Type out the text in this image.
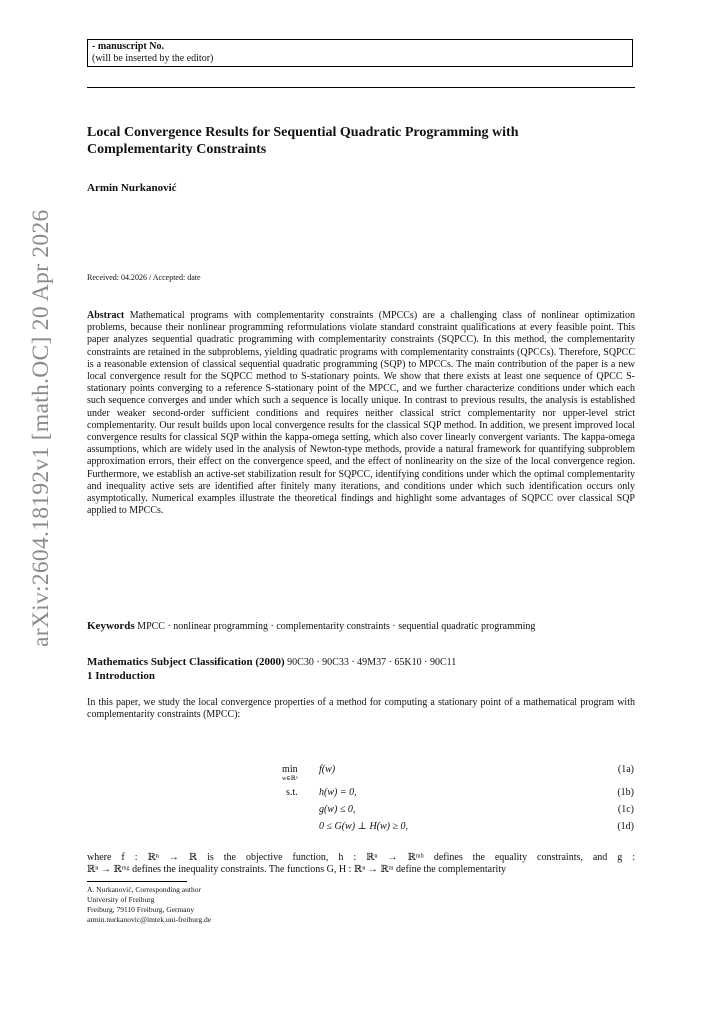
- manuscript No.
(will be inserted by the editor)
arXiv:2604.18192v1 [math.OC] 20 Apr 2026
Local Convergence Results for Sequential Quadratic Programming with
Complementarity Constraints
Armin Nurkanović
Received: 04.2026 / Accepted: date
Abstract Mathematical programs with complementarity constraints (MPCCs) are a challenging class of nonlinear optimization problems, because their nonlinear programming reformulations violate standard constraint qualifications at every feasible point. This paper analyzes sequential quadratic programming with complementarity constraints (SQPCC). In this method, the complementarity constraints are retained in the subproblems, yielding quadratic programs with complementarity constraints (QPCCs). Therefore, SQPCC is a reasonable extension of classical sequential quadratic programming (SQP) to MPCCs. The main contribution of the paper is a new local convergence result for the SQPCC method to S-stationary points. We show that there exists at least one sequence of QPCC S-stationary points converging to a reference S-stationary point of the MPCC, and we further characterize conditions under which each such sequence converges and under which such a sequence is locally unique. In contrast to previous results, the analysis is established under weaker second-order sufficient conditions and requires neither classical strict complementarity nor upper-level strict complementarity. Our result builds upon local convergence results for the classical SQP method. In addition, we present improved local convergence results for classical SQP within the kappa-omega setting, which also cover linearly convergent variants. The kappa-omega assumptions, which are widely used in the analysis of Newton-type methods, provide a natural framework for quantifying subproblem approximation errors, their effect on the convergence speed, and the effect of nonlinearity on the size of the local convergence region. Furthermore, we establish an active-set stabilization result for SQPCC, identifying conditions under which the optimal complementarity and inequality active sets are identified after finitely many iterations, and conditions under which such identification occurs only asymptotically. Numerical examples illustrate the theoretical findings and highlight some advantages of SQPCC over classical SQP applied to MPCCs.
Keywords MPCC · nonlinear programming · complementarity constraints · sequential quadratic programming
Mathematics Subject Classification (2000) 90C30 · 90C33 · 49M37 · 65K10 · 90C11
1 Introduction
In this paper, we study the local convergence properties of a method for computing a stationary point of a mathematical program with complementarity constraints (MPCC):
min
w∈ℝⁿ
f(w)	(1a)
s.t. h(w) = 0,	(1b)
g(w) ≤ 0,	(1c)
0 ≤ G(w) ⊥ H(w) ≥ 0,	(1d)
where f : ℝⁿ → ℝ is the objective function, h : ℝⁿ → ℝᵐʰ defines the equality constraints, and g :
ℝⁿ → ℝᵐᵍ defines the inequality constraints. The functions G, H : ℝⁿ → ℝᵐ define the complementarity
A. Nurkanović, Corresponding author
University of Freiburg
Freiburg, 79110 Freiburg, Germany
armin.nurkanovic@imtek.uni-freiburg.de
